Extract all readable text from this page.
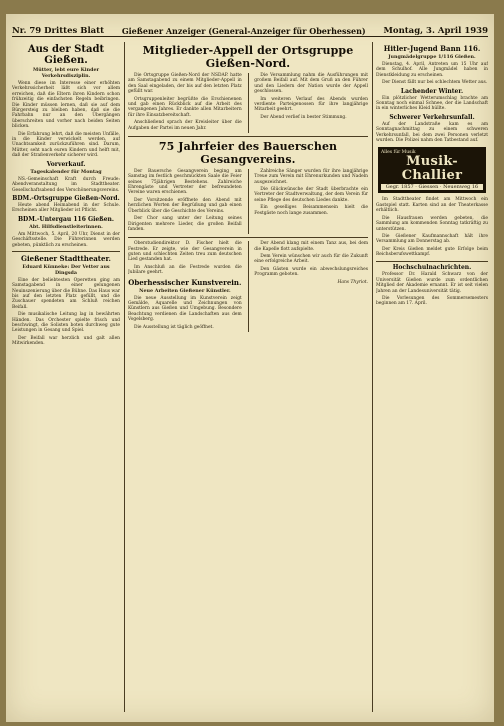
Nr. 79 Drittes Blatt Gießener Anzeiger (General-Anzeiger für Oberhessen) Montag, 3. April 1939
Aus der Stadt Gießen.
Mütter, lebt eure Kinder Verkehrsdisziplin.

Wenn diese im Interesse einer erhöhten Verkehrssicherheit läßt sich vor allem erreichen, daß die Eltern ihren Kindern schon frühzeitig die einfachsten Regeln beibringen. Die Kinder müssen lernen, daß sie auf dem Bürgersteig zu bleiben haben, daß sie die Fahrbahn nur an den Übergängen überschreiten und vorher nach beiden Seiten blicken.

Die Erfahrung lehrt, daß die meisten Unfälle, in die Kinder verwickelt werden, auf Unachtsamkeit zurückzuführen sind. Darum, Mütter, seht nach euren Kindern und helft mit, daß der Straßenverkehr sicherer wird.

Vorverkauf.
Tageskalender für Montag

NS.-Gemeinschaft Kraft durch Freude: Abendveranstaltung im Stadttheater. Gesellschaftsabend des Verschönerungsvereins.

BDM.-Ortsgruppe Gießen-Nord.

Heute abend Heimabend in der Schule. Erscheinen aller Mitglieder ist Pflicht.

BDM.-Untergau 116 Gießen.
Abt. Hilfsdienstleiterinnen.

Am Mittwoch, 5. April, 20 Uhr, Dienst in der Geschäftsstelle. Die Führerinnen werden gebeten, pünktlich zu erscheinen.

Gießener Stadttheater.
Eduard Künneke: Der Vetter aus Dingsda

Eine der beliebtesten Operetten ging am Samstagabend in einer gelungenen Neuinszenierung über die Bühne. Das Haus war bis auf den letzten Platz gefüllt, und die Zuschauer spendeten am Schluß reichen Beifall.

Die musikalische Leitung lag in bewährten Händen. Das Orchester spielte frisch und beschwingt, die Solisten boten durchweg gute Leistungen in Gesang und Spiel.

Der Beifall war herzlich und galt allen Mitwirkenden.

Mitglieder-Appell der Ortsgruppe Gießen-Nord.

Die Ortsgruppe Gießen-Nord der NSDAP. hatte am Samstagabend zu einem Mitglieder-Appell in den Saal eingeladen, der bis auf den letzten Platz gefüllt war.

Ortsgruppenleiter begrüßte die Erschienenen und gab einen Rückblick auf die Arbeit des vergangenen Jahres. Er dankte allen Mitarbeitern für ihre Einsatzbereitschaft.

Anschließend sprach der Kreisleiter über die Aufgaben der Partei im neuen Jahr.

Die Versammlung nahm die Ausführungen mit großem Beifall auf. Mit dem Gruß an den Führer und den Liedern der Nation wurde der Appell geschlossen.

Im weiteren Verlauf des Abends wurden verdiente Parteigenossen für ihre langjährige Mitarbeit geehrt.

Der Abend verlief in bester Stimmung.

75 Jahrfeier des Bauerschen Gesangvereins.

Der Bauersche Gesangverein beging am Samstag im festlich geschmückten Saale die Feier seines 75jährigen Bestehens. Zahlreiche Ehrengäste und Vertreter der befreundeten Vereine waren erschienen.

Der Vorsitzende eröffnete den Abend mit herzlichen Worten der Begrüßung und gab einen Überblick über die Geschichte des Vereins.

Der Chor sang unter der Leitung seines Dirigenten mehrere Lieder, die großen Beifall fanden.

Zahlreiche Sänger wurden für ihre langjährige Treue zum Verein mit Ehrenurkunden und Nadeln ausgezeichnet.

Die Glückwünsche der Stadt überbrachte ein Vertreter der Stadtverwaltung, der dem Verein für seine Pflege des deutschen Liedes dankte.

Ein geselliges Beisammensein hielt die Festgäste noch lange zusammen.

Oberstudiendirektor D. Fischer hielt die Festrede. Er zeigte, wie der Gesangverein in guten und schlechten Zeiten treu zum deutschen Lied gestanden hat.

Im Anschluß an die Festrede wurden die Jubilare geehrt.

Oberhessischer Kunstverein.
Neue Arbeiten Gießener Künstler.

Die neue Ausstellung im Kunstverein zeigt Gemälde, Aquarelle und Zeichnungen von Künstlern aus Gießen und Umgebung. Besondere Beachtung verdienen die Landschaften aus dem Vogelsberg.

Die Ausstellung ist täglich geöffnet.

Der Abend klang mit einem Tanz aus, bei dem die Kapelle flott aufspielte.

Dem Verein wünschen wir auch für die Zukunft eine erfolgreiche Arbeit.

Den Gästen wurde ein abwechslungsreiches Programm geboten.

Hans Thyriot.
Hitler-Jugend Bann 116.
Jungmädelgruppe 1/116 Gießen.

Dienstag, 4. April, Antreten um 15 Uhr auf dem Schulhof. Alle Jungmädel haben in Dienstkleidung zu erscheinen.

Der Dienst fällt nur bei schlechtem Wetter aus.

Lachender Winter.

Ein plötzlicher Wetterumschlag brachte am Sonntag noch einmal Schnee, der die Landschaft in ein winterliches Kleid hüllte.

Schwerer Verkehrsunfall.

Auf der Landstraße kam es am Sonntagnachmittag zu einem schweren Verkehrsunfall, bei dem zwei Personen verletzt wurden. Die Polizei nahm den Tatbestand auf.

Alles für Musik
Musik-Challier
Gegr. 1857 · Giessen · Neuenweg 16

Im Stadttheater findet am Mittwoch ein Gastspiel statt. Karten sind an der Theaterkasse erhältlich.

Die Hausfrauen werden gebeten, die Sammlung am kommenden Sonntag tatkräftig zu unterstützen.

Die Gießener Kaufmannschaft hält ihre Versammlung am Donnerstag ab.

Der Kreis Gießen meldet gute Erfolge beim Reichsberufswettkampf.

Hochschulnachrichten.

Professor Dr. Harald Schwarz von der Universität Gießen wurde zum ordentlichen Mitglied der Akademie ernannt. Er ist seit vielen Jahren an der Landesuniversität tätig.

Die Vorlesungen des Sommersemesters beginnen am 17. April.
